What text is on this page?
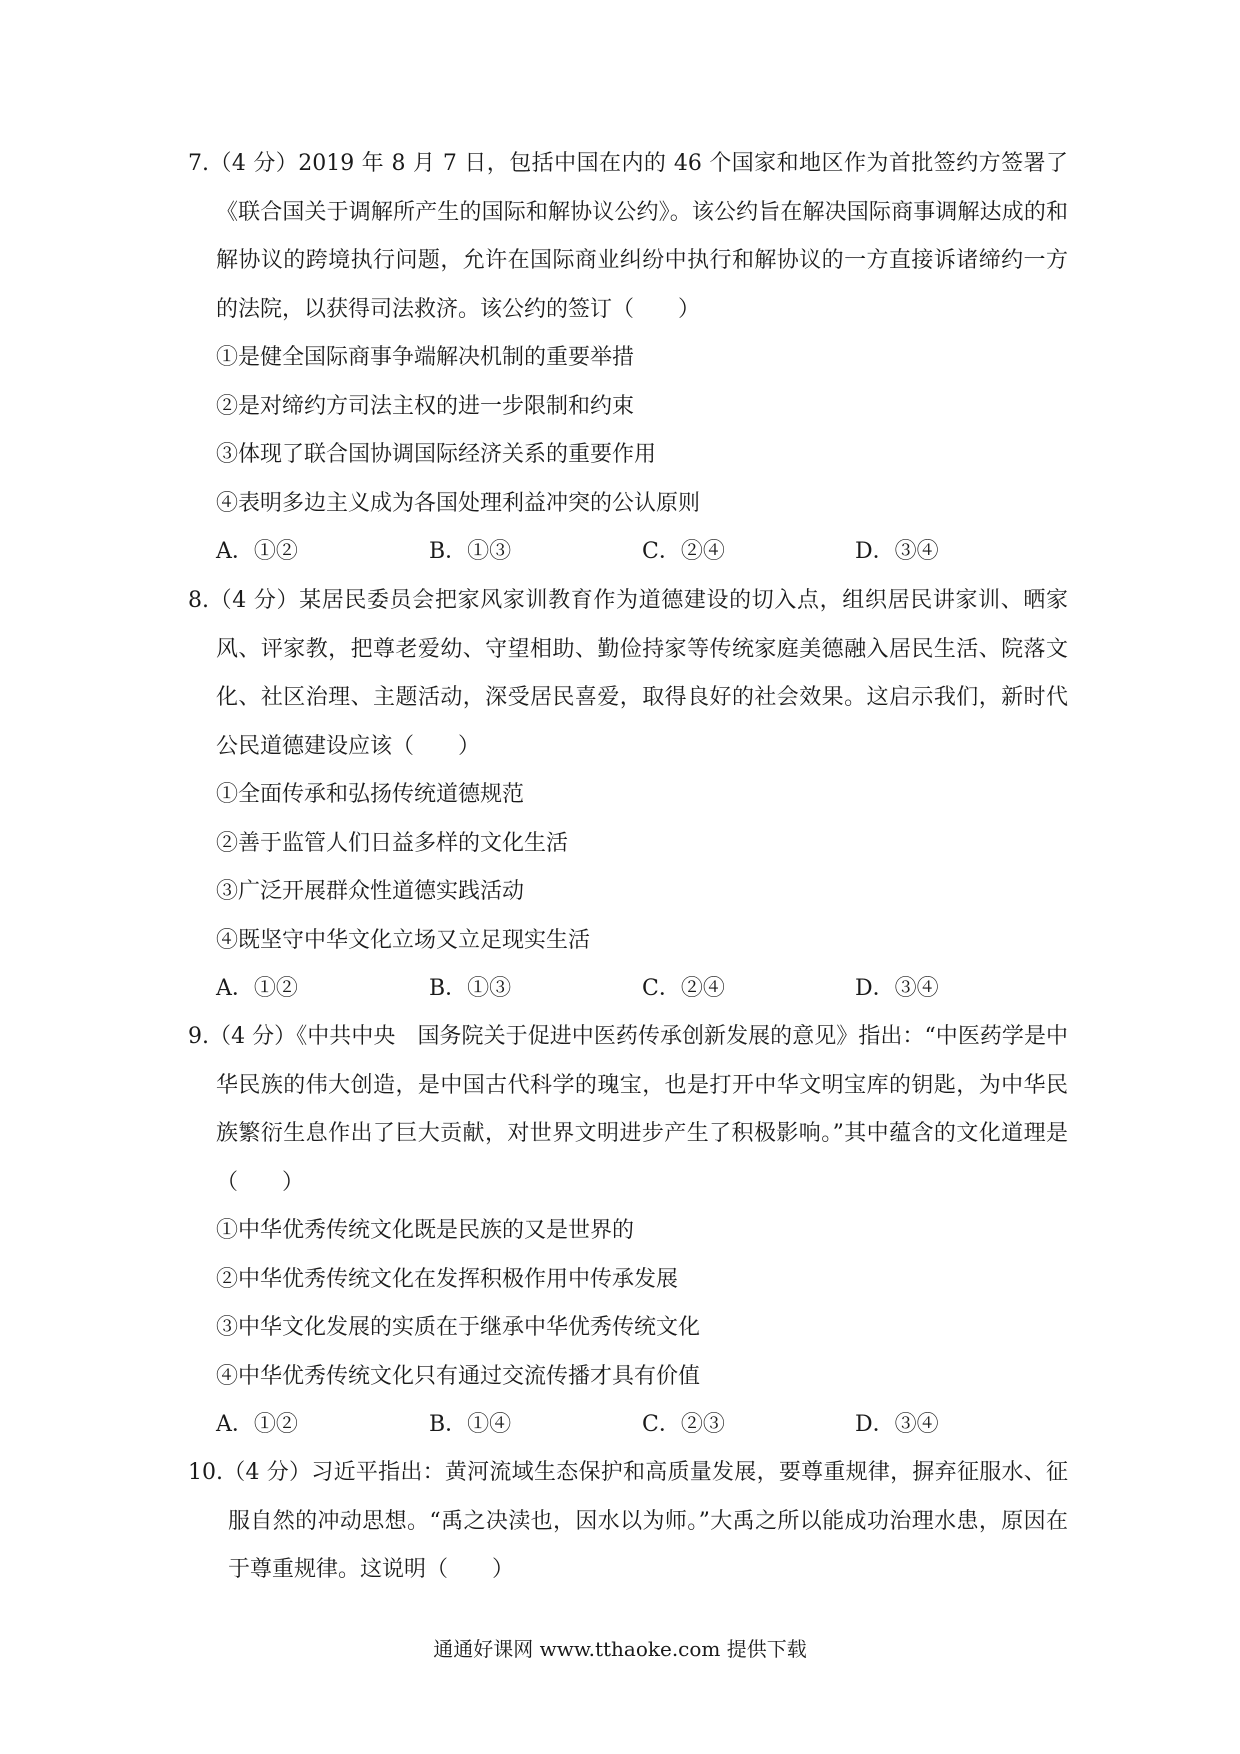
7.（4 分）2019 年 8 月 7 日，包括中国在内的 46 个国家和地区作为首批签约方签署了《联合国关于调解所产生的国际和解协议公约》。该公约旨在解决国际商事调解达成的和解协议的跨境执行问题，允许在国际商业纠纷中执行和解协议的一方直接诉诸缔约一方的法院，以获得司法救济。该公约的签订（　　）

①是健全国际商事争端解决机制的重要举措

②是对缔约方司法主权的进一步限制和约束

③体现了联合国协调国际经济关系的重要作用

④表明多边主义成为各国处理利益冲突的公认原则

A．①②	B．①③	C．②④	D．③④

8.（4 分）某居民委员会把家风家训教育作为道德建设的切入点，组织居民讲家训、晒家风、评家教，把尊老爱幼、守望相助、勤俭持家等传统家庭美德融入居民生活、院落文化、社区治理、主题活动，深受居民喜爱，取得良好的社会效果。这启示我们，新时代公民道德建设应该（　　）

①全面传承和弘扬传统道德规范

②善于监管人们日益多样的文化生活

③广泛开展群众性道德实践活动

④既坚守中华文化立场又立足现实生活

A．①②	B．①③	C．②④	D．③④

9.（4 分）《中共中央　国务院关于促进中医药传承创新发展的意见》指出：“中医药学是中华民族的伟大创造，是中国古代科学的瑰宝，也是打开中华文明宝库的钥匙，为中华民族繁衍生息作出了巨大贡献，对世界文明进步产生了积极影响。”其中蕴含的文化道理是（　　）

①中华优秀传统文化既是民族的又是世界的

②中华优秀传统文化在发挥积极作用中传承发展

③中华文化发展的实质在于继承中华优秀传统文化

④中华优秀传统文化只有通过交流传播才具有价值

A．①②	B．①④	C．②③	D．③④

10.（4 分）习近平指出：黄河流域生态保护和高质量发展，要尊重规律，摒弃征服水、征服自然的冲动思想。“禹之决渎也，因水以为师。”大禹之所以能成功治理水患，原因在于尊重规律。这说明（　　）

通通好课网 www.tthaoke.com 提供下载
